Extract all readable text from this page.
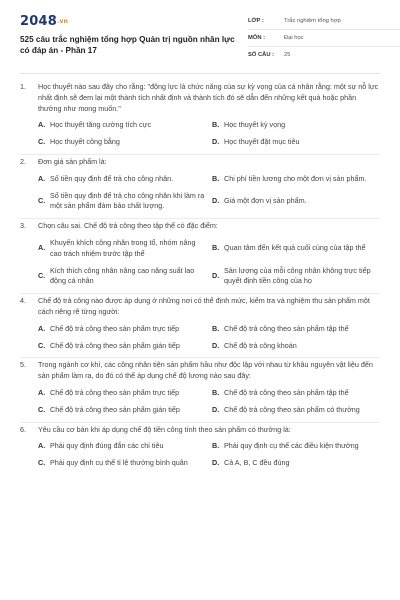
2048.vn
525 câu trắc nghiệm tổng hợp Quản trị nguồn nhân lực có đáp án - Phần 17
LỚP :	Trắc nghiệm tổng hợp
MÔN :	Đại học
SỐ CÂU :	25
1.	Học thuyết nào sau đây cho rằng: "động lực là chức năng của sự kỳ vọng của cá nhân rằng: một sự nỗ lực nhất định sẽ đem lại một thành tích nhất định và thành tích đó sẽ dẫn đến những kết quả hoặc phần thưởng như mong muốn."
A. Học thuyết tăng cường tích cực	B. Học thuyết kỳ vọng
C. Học thuyết công bằng	D. Học thuyết đặt mục tiêu
2.	Đơn giá sản phẩm là:
A. Số tiền quy định để trả cho công nhân.	B. Chi phí tiền lương cho một đơn vị sản phẩm.
C.
Số tiền quy định để trả cho công nhân khi làm ra một sản phẩm đảm bảo chất lượng.
D. Giá một đơn vị sản phẩm.
3.	Chọn câu sai. Chế độ trả công theo tập thể có đặc điểm:
A.
Khuyến khích công nhân trong tổ, nhóm nâng cao trách nhiệm trước tập thể
B. Quan tâm đến kết quả cuối cùng của tập thể
C.
Kích thích công nhân nâng cao năng suất lao động cá nhân
D.
Sản lượng của mỗi công nhân không trực tiếp quyết định tiền công của họ
4.	Chế độ trả công nào được áp dụng ở những nơi có thể định mức, kiểm tra và nghiệm thu sản phẩm một cách riêng rẽ từng người:
A. Chế độ trả công theo sản phẩm trực tiếp	B. Chế độ trả công theo sản phẩm tập thể
C. Chế độ trả công theo sản phẩm gián tiếp	D. Chế độ trả công khoán
5.	Trong ngành cơ khí, các công nhân tiện sản phẩm hầu như độc lập với nhau từ khâu nguyên vật liệu đến sản phẩm làm ra, do đó có thể áp dụng chế độ lương nào sau đây:
A. Chế độ trả công theo sản phẩm trực tiếp	B. Chế độ trả công theo sản phẩm tập thể
C. Chế độ trả công theo sản phẩm gián tiếp	D. Chế độ trả công theo sản phẩm có thưởng
6.	Yêu cầu cơ bản khi áp dụng chế độ tiền công tính theo sản phẩm có thưởng là:
A. Phải quy định đúng đắn các chỉ tiêu	B. Phải quy định cụ thể các điều kiện thưởng
C. Phải quy định cụ thể tỉ lệ thưởng bình quân	D. Cả A, B, C đều đúng
